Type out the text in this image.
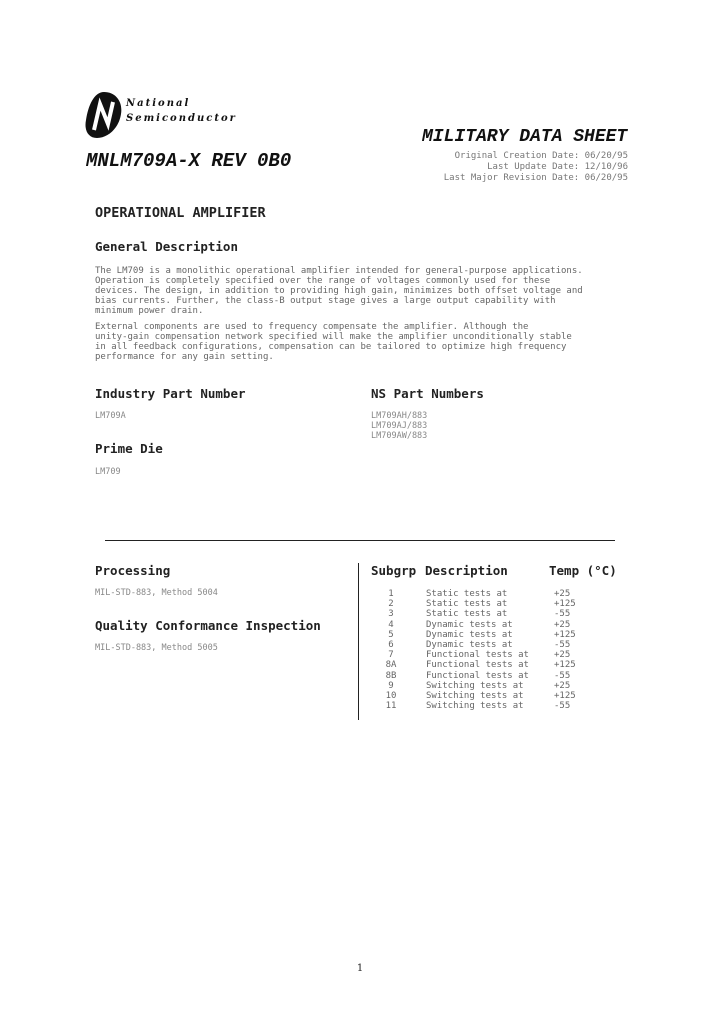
National
Semiconductor
MNLM709A-X REV 0B0
MILITARY DATA SHEET
Original Creation Date: 06/20/95
Last Update Date: 12/10/96
Last Major Revision Date: 06/20/95
OPERATIONAL AMPLIFIER
General Description
The LM709 is a monolithic operational amplifier intended for general-purpose applications.
Operation is completely specified over the range of voltages commonly used for these
devices. The design, in addition to providing high gain, minimizes both offset voltage and
bias currents. Further, the class-B output stage gives a large output capability with
minimum power drain.
External components are used to frequency compensate the amplifier. Although the
unity-gain compensation network specified will make the amplifier unconditionally stable
in all feedback configurations, compensation can be tailored to optimize high frequency
performance for any gain setting.
Industry Part Number
LM709A
NS Part Numbers
LM709AH/883
LM709AJ/883
LM709AW/883
Prime Die
LM709
Processing
MIL-STD-883, Method 5004
Quality Conformance Inspection
MIL-STD-883, Method 5005
Subgrp Description	Temp (°C)
1	Static tests at	+25
2	Static tests at	+125
3	Static tests at	-55
4	Dynamic tests at	+25
5	Dynamic tests at	+125
6	Dynamic tests at	-55
7	Functional tests at	+25
8A	Functional tests at	+125
8B	Functional tests at	-55
9	Switching tests at	+25
10	Switching tests at	+125
11	Switching tests at	-55
1
